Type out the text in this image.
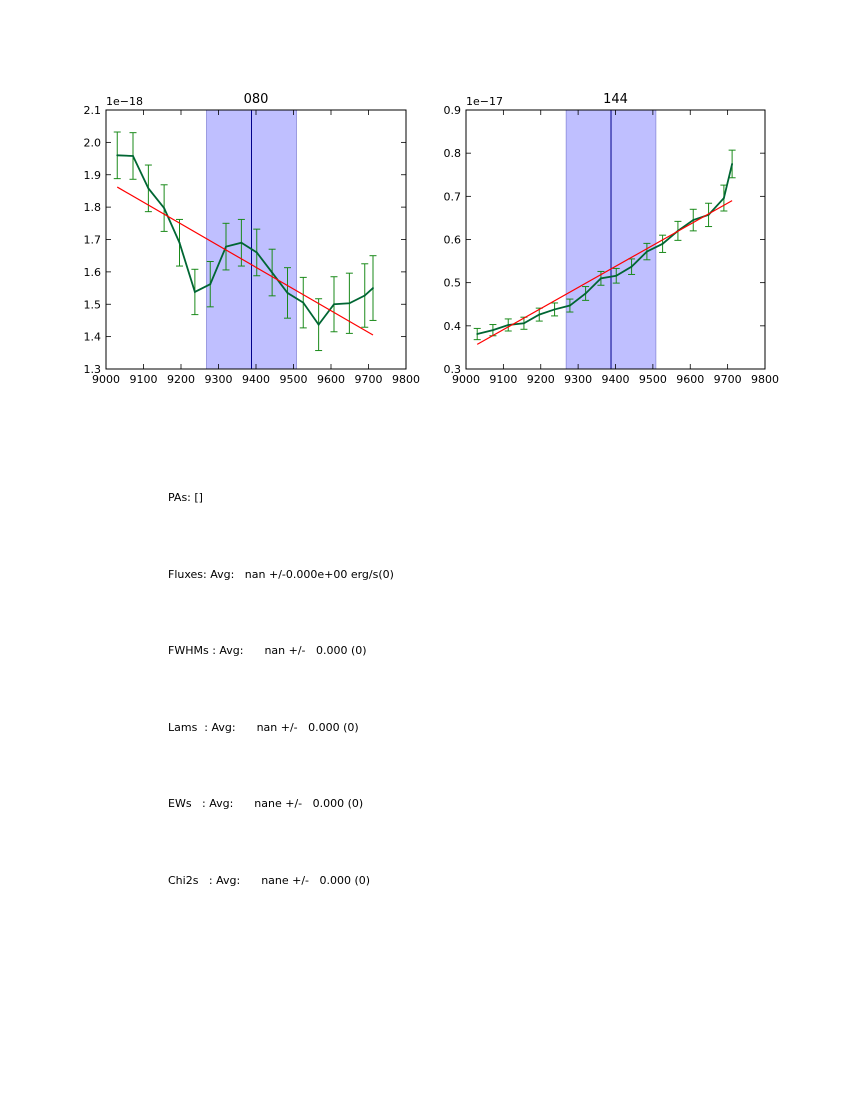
9000 9100 9200 9300 9400 9500 9600 9700 9800
1.3
1.4
1.5
1.6
1.7
1.8
1.9
2.0
2.1
080
1e−18
9000 9100 9200 9300 9400 9500 9600 9700 9800
0.3
0.4
0.5
0.6
0.7
0.8
0.9
144
1e−17

PAs: []

Fluxes: Avg:   nan +/-0.000e+00 erg/s(0)

FWHMs : Avg:      nan +/-   0.000 (0)

Lams  : Avg:      nan +/-   0.000 (0)

EWs   : Avg:      nane +/-   0.000 (0)

Chi2s   : Avg:      nane +/-   0.000 (0)
